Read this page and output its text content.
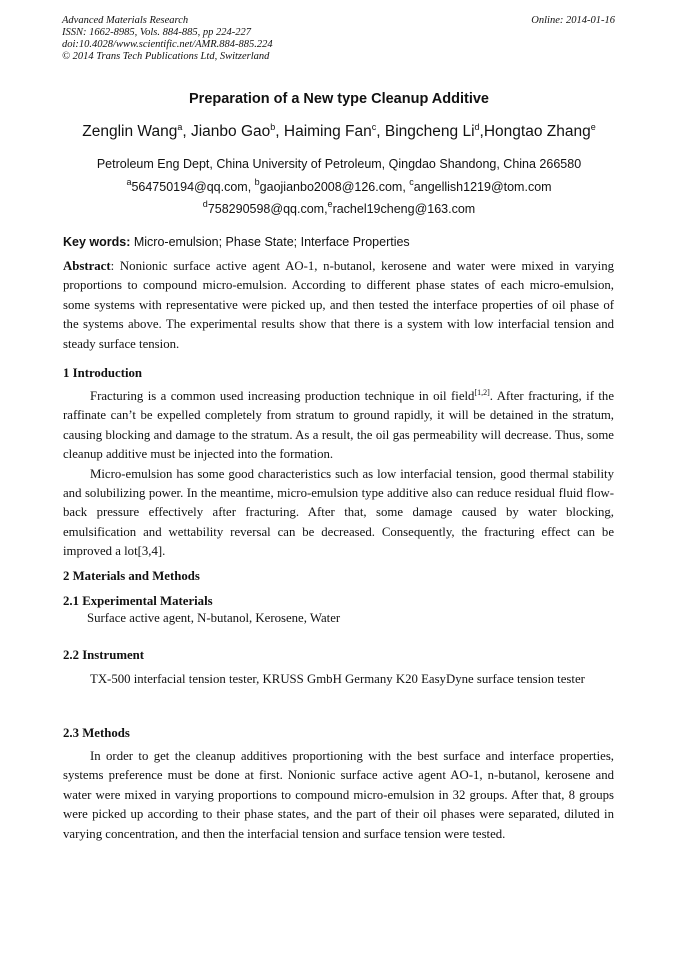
Advanced Materials Research
ISSN: 1662-8985, Vols. 884-885, pp 224-227
doi:10.4028/www.scientific.net/AMR.884-885.224
© 2014 Trans Tech Publications Ltd, Switzerland
Online: 2014-01-16
Preparation of a New type Cleanup Additive
Zenglin Wang$^a$, Jianbo Gao$^b$, Haiming Fan$^c$, Bingcheng Li$^d$,Hongtao Zhang$^e$
Petroleum Eng Dept, China University of Petroleum, Qingdao Shandong, China 266580
$^a$564750194@qq.com, $^b$gaojianbo2008@126.com, $^c$angellish1219@tom.com
$^d$758290598@qq.com,$^e$rachel19cheng@163.com
Key words: Micro-emulsion; Phase State; Interface Properties

Abstract: Nonionic surface active agent AO-1, n-butanol, kerosene and water were mixed in varying proportions to compound micro-emulsion. According to different phase states of each micro-emulsion, some systems with representative were picked up, and then tested the interface properties of oil phase of the systems above. The experimental results show that there is a system with low interfacial tension and steady surface tension.

1 Introduction

Fracturing is a common used increasing production technique in oil field[1,2]. After fracturing, if the raffinate can’t be expelled completely from stratum to ground rapidly, it will be detained in the stratum, causing blocking and damage to the stratum. As a result, the oil gas permeability will decrease. Thus, some cleanup additive must be injected into the formation.

Micro-emulsion has some good characteristics such as low interfacial tension, good thermal stability and solubilizing power. In the meantime, micro-emulsion type additive also can reduce residual fluid flow-back pressure effectively after fracturing. After that, some damage caused by water blocking, emulsification and wettability reversal can be decreased. Consequently, the fracturing effect can be improved a lot[3,4].

2 Materials and Methods
2.1 Experimental Materials
Surface active agent, N-butanol, Kerosene, Water
2.2 Instrument

TX-500 interfacial tension tester, KRUSS GmbH Germany K20 EasyDyne surface tension tester

2.3 Methods

In order to get the cleanup additives proportioning with the best surface and interface properties, systems preference must be done at first. Nonionic surface active agent AO-1, n-butanol, kerosene and water were mixed in varying proportions to compound micro-emulsion in 32 groups. After that, 8 groups were picked up according to their phase states, and the part of their oil phases were separated, diluted in varying concentration, and then the interfacial tension and surface tension were tested.
